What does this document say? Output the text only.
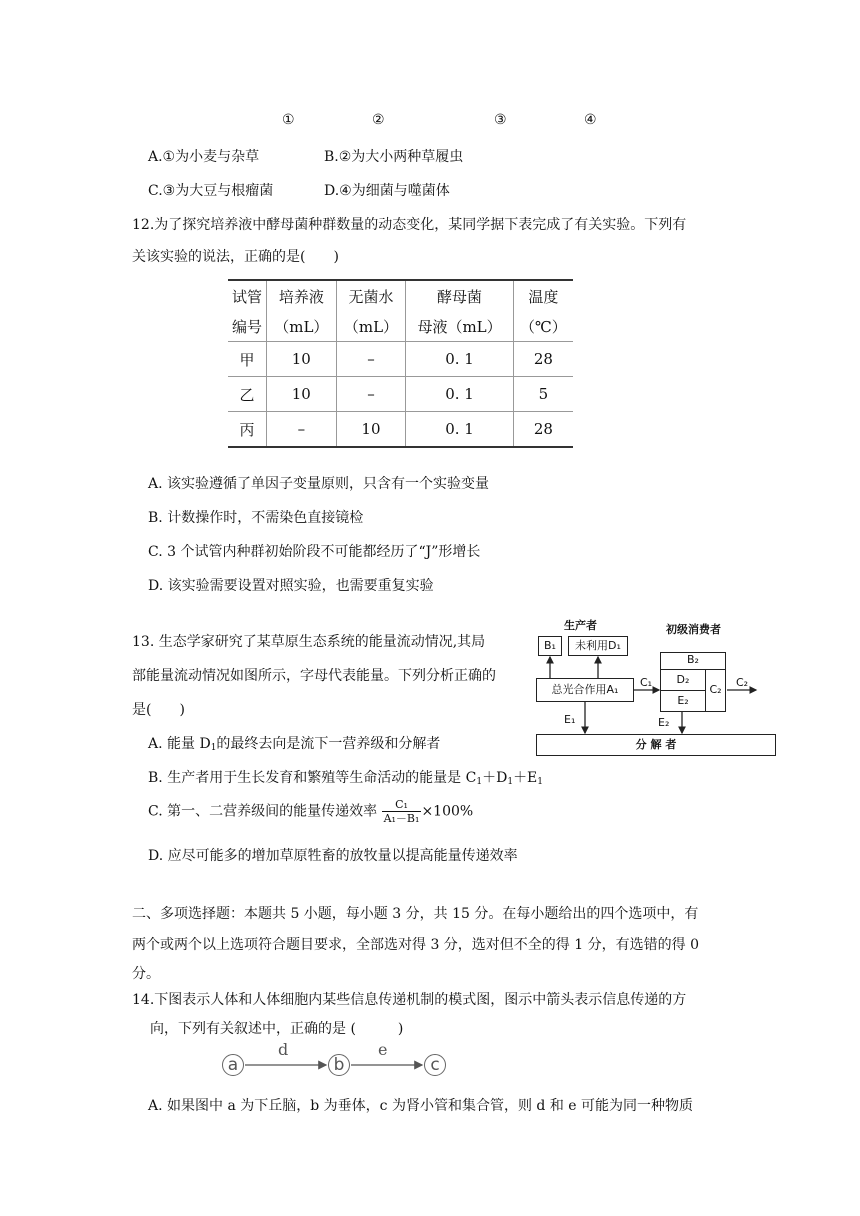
①	②	③	④
A.①为小麦与杂草	B.②为大小两种草履虫
C.③为大豆与根瘤菌	D.④为细菌与噬菌体
12.为了探究培养液中酵母菌种群数量的动态变化，某同学据下表完成了有关实验。下列有
关该实验的说法，正确的是(　　)
试管	培养液	无菌水	酵母菌	温度
编号	（mL）	（mL）	母液（mL）	（℃）
甲	10	–	0. 1	28
乙	10	–	0. 1	5
丙	–	10	0. 1	28
A. 该实验遵循了单因子变量原则，只含有一个实验变量
B. 计数操作时，不需染色直接镜检
C. 3 个试管内种群初始阶段不可能都经历了“J”形增长
D. 该实验需要设置对照实验，也需要重复实验
13. 生态学家研究了某草原生态系统的能量流动情况,其局
部能量流动情况如图所示，字母代表能量。下列分析正确的
是(　　)
A. 能量 $D_1$的最终去向是流下一营养级和分解者
B. 生产者用于生长发育和繁殖等生命活动的能量是 $C_1+D_1+E_1$
C. 第一、二营养级间的能量传递效率 $\frac{\text{C₁}}{\text{A₁－B₁}} \times 100\%$
D. 应尽可能多的增加草原牲畜的放牧量以提高能量传递效率
生产者	初级消费者
B₁	未利用D₁
总光合作用A₁
B₂
D₂
E₂
C₂
分 解 者
C₁	C₂
E₁	E₂
二、多项选择题：本题共 5 小题，每小题 3 分，共 15 分。在每小题给出的四个选项中，有
两个或两个以上选项符合题目要求，全部选对得 3 分，选对但不全的得 1 分，有选错的得 0
分。
14.下图表示人体和人体细胞内某些信息传递机制的模式图，图示中箭头表示信息传递的方
向，下列有关叙述中，正确的是 (　　　)
a	b	c
d	e
A. 如果图中 a 为下丘脑，b 为垂体，c 为肾小管和集合管，则 d 和 e 可能为同一种物质
